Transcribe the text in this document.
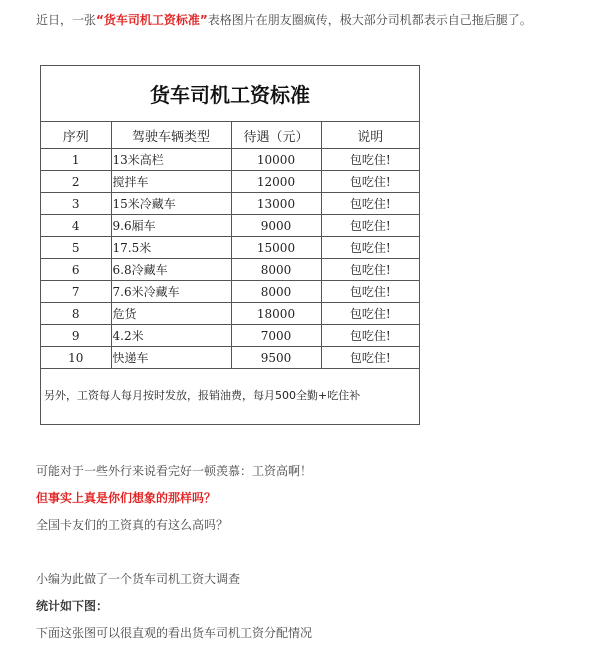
近日，一张“货车司机工资标准”表格图片在朋友圈疯传，极大部分司机都表示自己拖后腿了。
货车司机工资标准
序列	驾驶车辆类型	待遇（元）	说明
1	13米高栏	10000	包吃住!
2	搅拌车	12000	包吃住!
3	15米冷藏车	13000	包吃住!
4	9.6厢车	9000	包吃住!
5	17.5米	15000	包吃住!
6	6.8冷藏车	8000	包吃住!
7	7.6米冷藏车	8000	包吃住!
8	危货	18000	包吃住!
9	4.2米	7000	包吃住!
10	快递车	9500	包吃住!
另外，工资每人每月按时发放，报销油费，每月500全勤+吃住补
可能对于一些外行来说看完好一顿羡慕：工资高啊！
但事实上真是你们想象的那样吗？
全国卡友们的工资真的有这么高吗？
小编为此做了一个货车司机工资大调查
统计如下图：
下面这张图可以很直观的看出货车司机工资分配情况
